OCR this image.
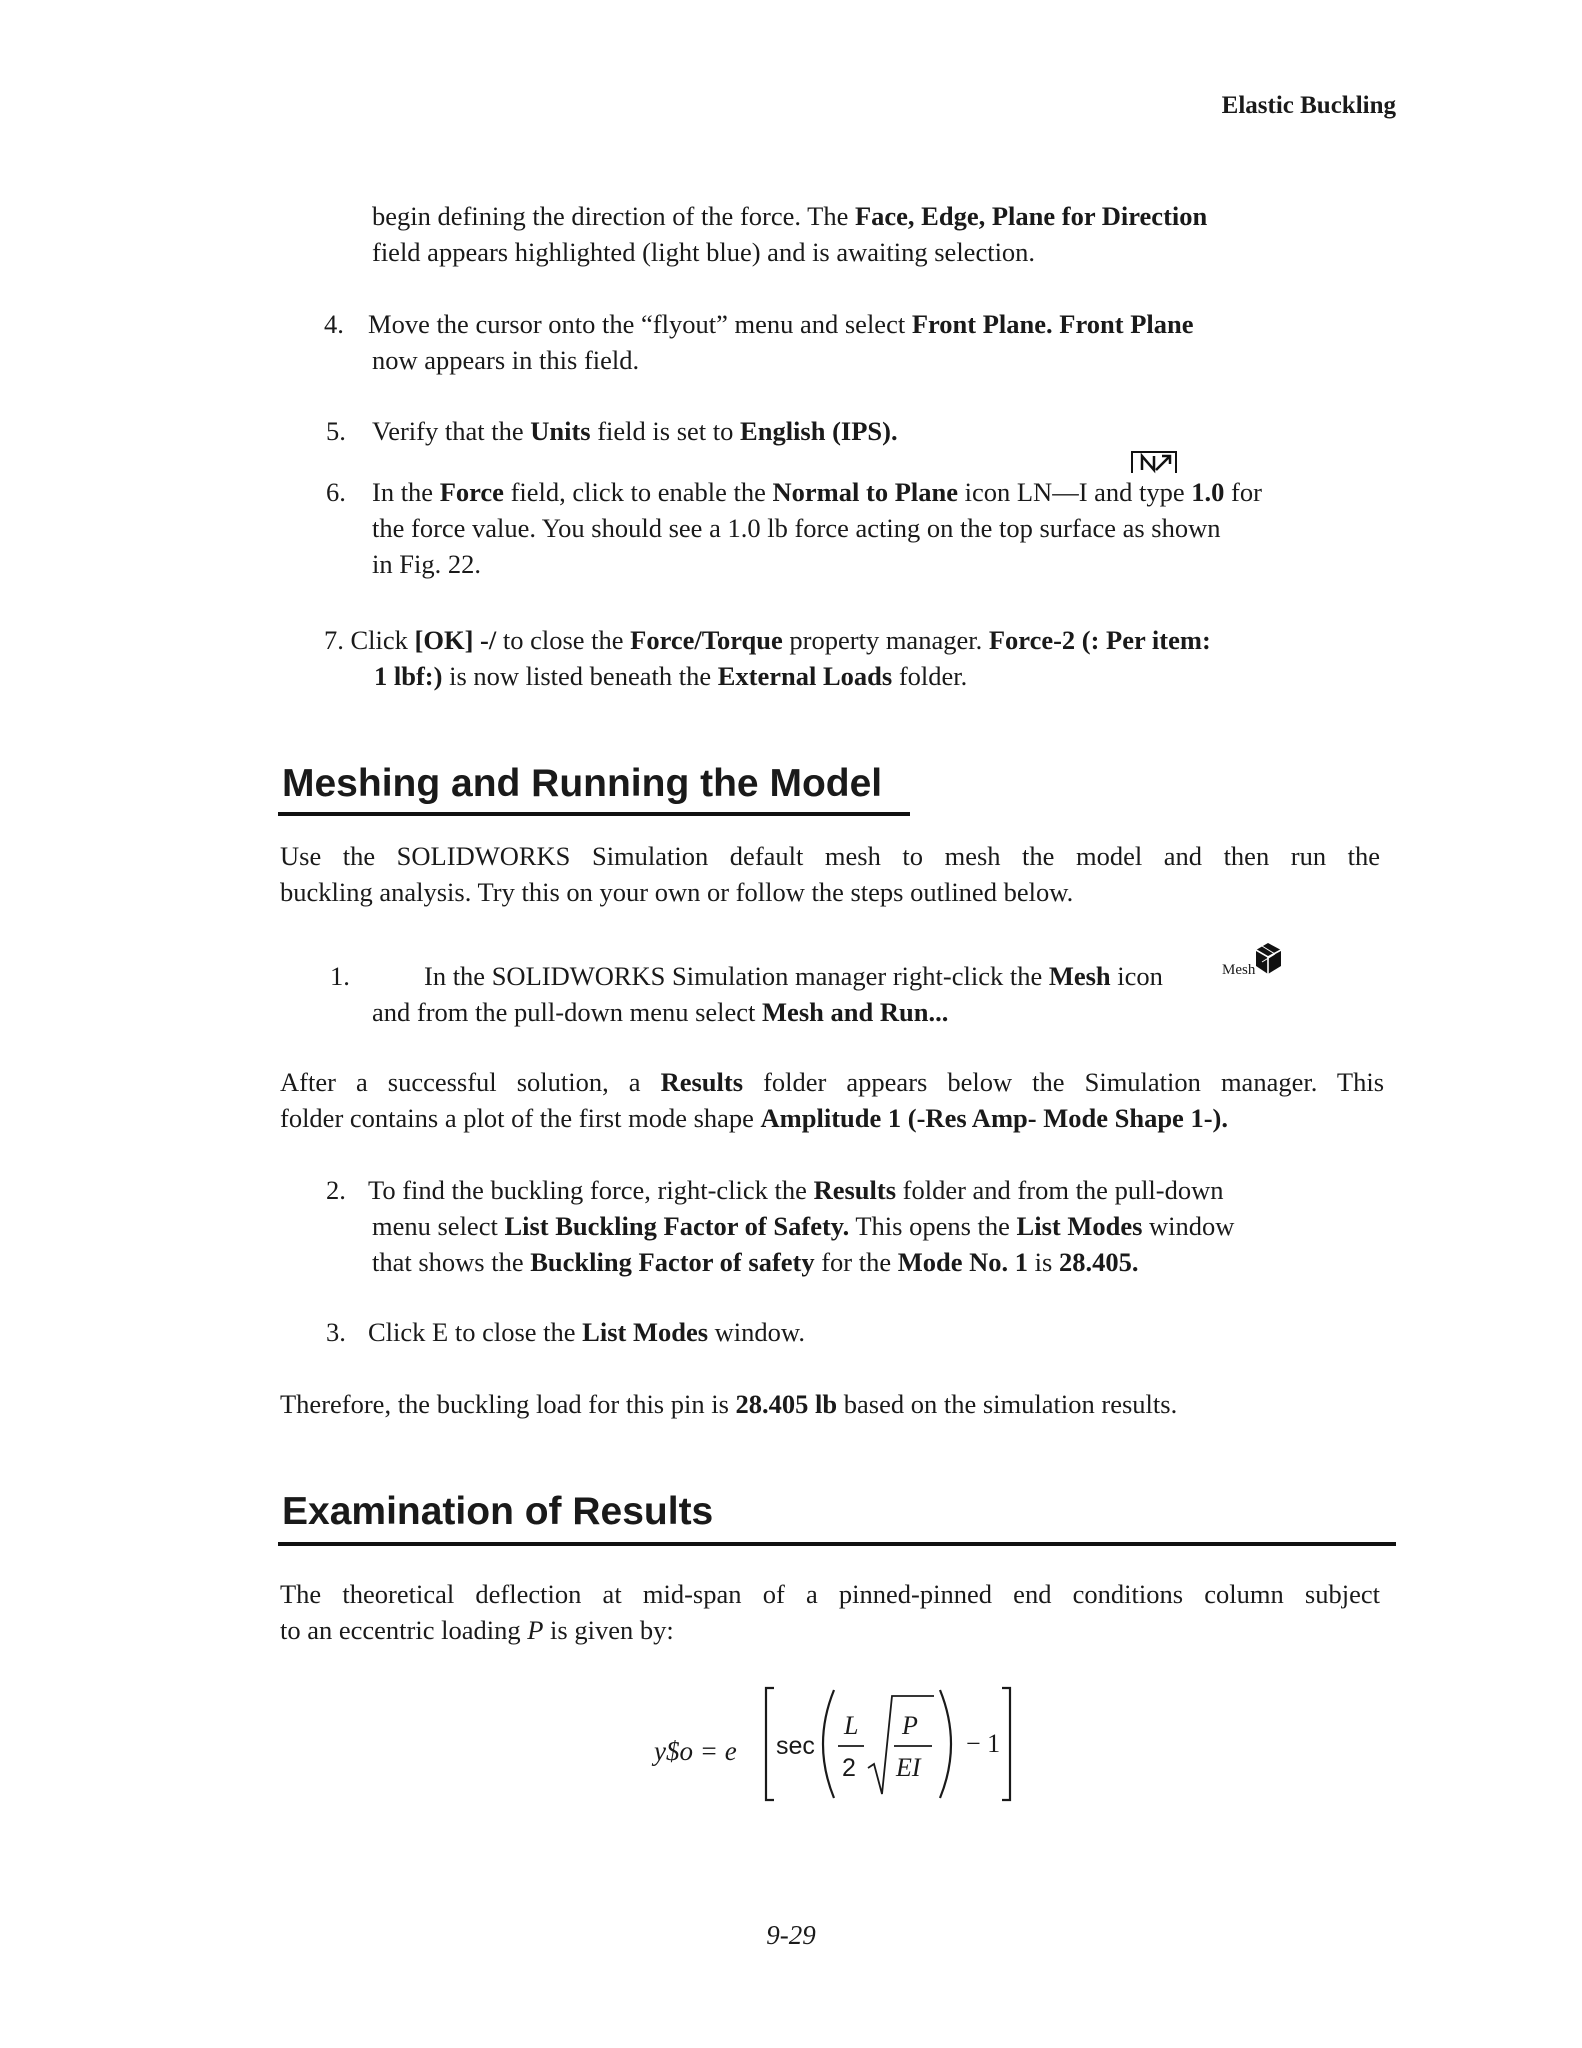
Elastic Buckling
begin defining the direction of the force. The Face, Edge, Plane for Direction
field appears highlighted (light blue) and is awaiting selection.
4. Move the cursor onto the “flyout” menu and select Front Plane. Front Plane
now appears in this field.
5. Verify that the Units field is set to English (IPS).
6. In the Force field, click to enable the Normal to Plane icon LN—I and type 1.0 for
the force value. You should see a 1.0 lb force acting on the top surface as shown
in Fig. 22.
7. Click [OK] -/ to close the Force/Torque property manager. Force-2 (: Per item:
1 lbf:) is now listed beneath the External Loads folder.
Meshing and Running the Model
Use the SOLIDWORKS Simulation default mesh to mesh the model and then run the
buckling analysis. Try this on your own or follow the steps outlined below.
1.	In the SOLIDWORKS Simulation manager right-click the Mesh icon	Mesh
and from the pull-down menu select Mesh and Run...
After a successful solution, a Results folder appears below the Simulation manager. This
folder contains a plot of the first mode shape Amplitude 1 (-Res Amp- Mode Shape 1-).
2. To find the buckling force, right-click the Results folder and from the pull-down
menu select List Buckling Factor of Safety. This opens the List Modes window
that shows the Buckling Factor of safety for the Mode No. 1 is 28.405.
3. Click E to close the List Modes window.
Therefore, the buckling load for this pin is 28.405 lb based on the simulation results.
Examination of Results
The theoretical deflection at mid-span of a pinned-pinned end conditions column subject
to an eccentric loading P is given by:
y$o = e sec
L
2
P
EI
− 1
9-29
